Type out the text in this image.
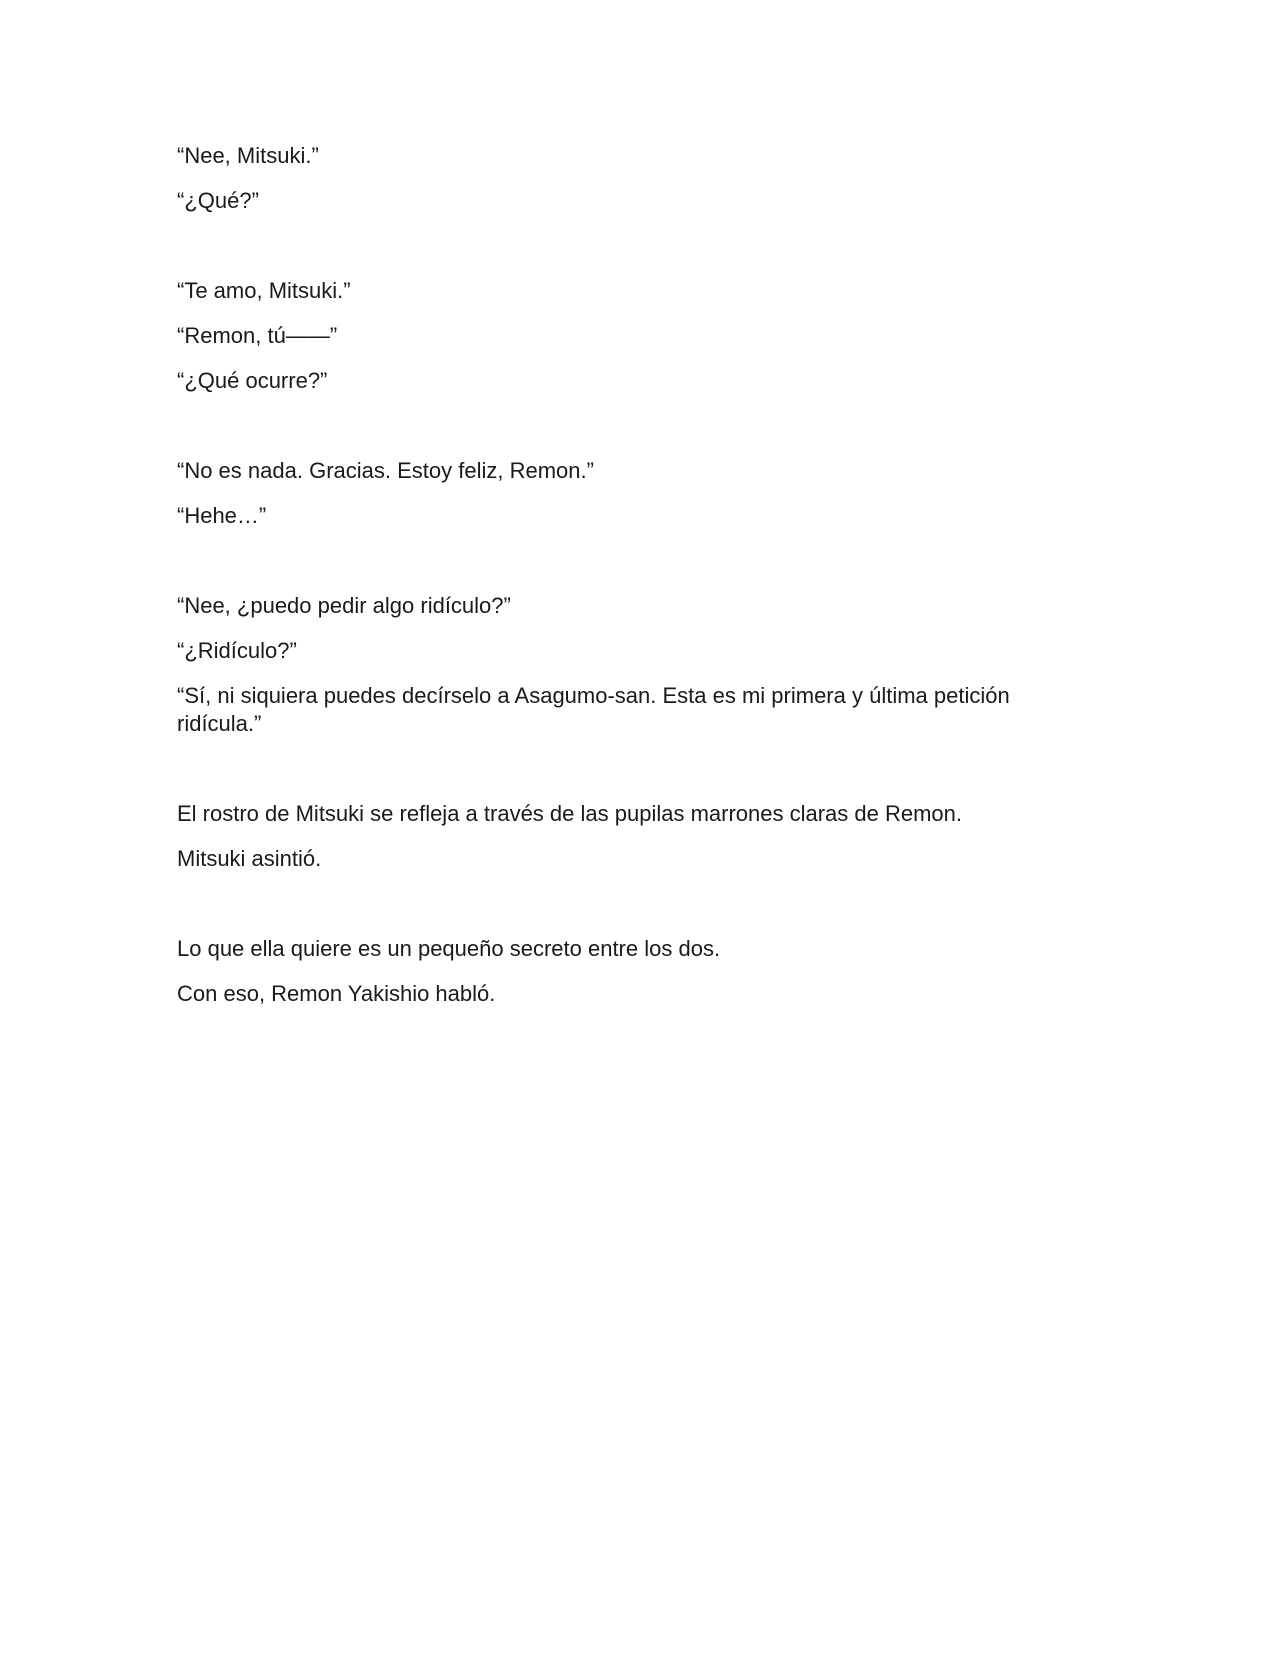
“Nee, Mitsuki.”

“¿Qué?”

“Te amo, Mitsuki.”

“Remon, tú——”

“¿Qué ocurre?”

“No es nada. Gracias. Estoy feliz, Remon.”

“Hehe…”

“Nee, ¿puedo pedir algo ridículo?”

“¿Ridículo?”

“Sí, ni siquiera puedes decírselo a Asagumo-san. Esta es mi primera y última petición ridícula.”

El rostro de Mitsuki se refleja a través de las pupilas marrones claras de Remon.

Mitsuki asintió.

Lo que ella quiere es un pequeño secreto entre los dos.

Con eso, Remon Yakishio habló.
